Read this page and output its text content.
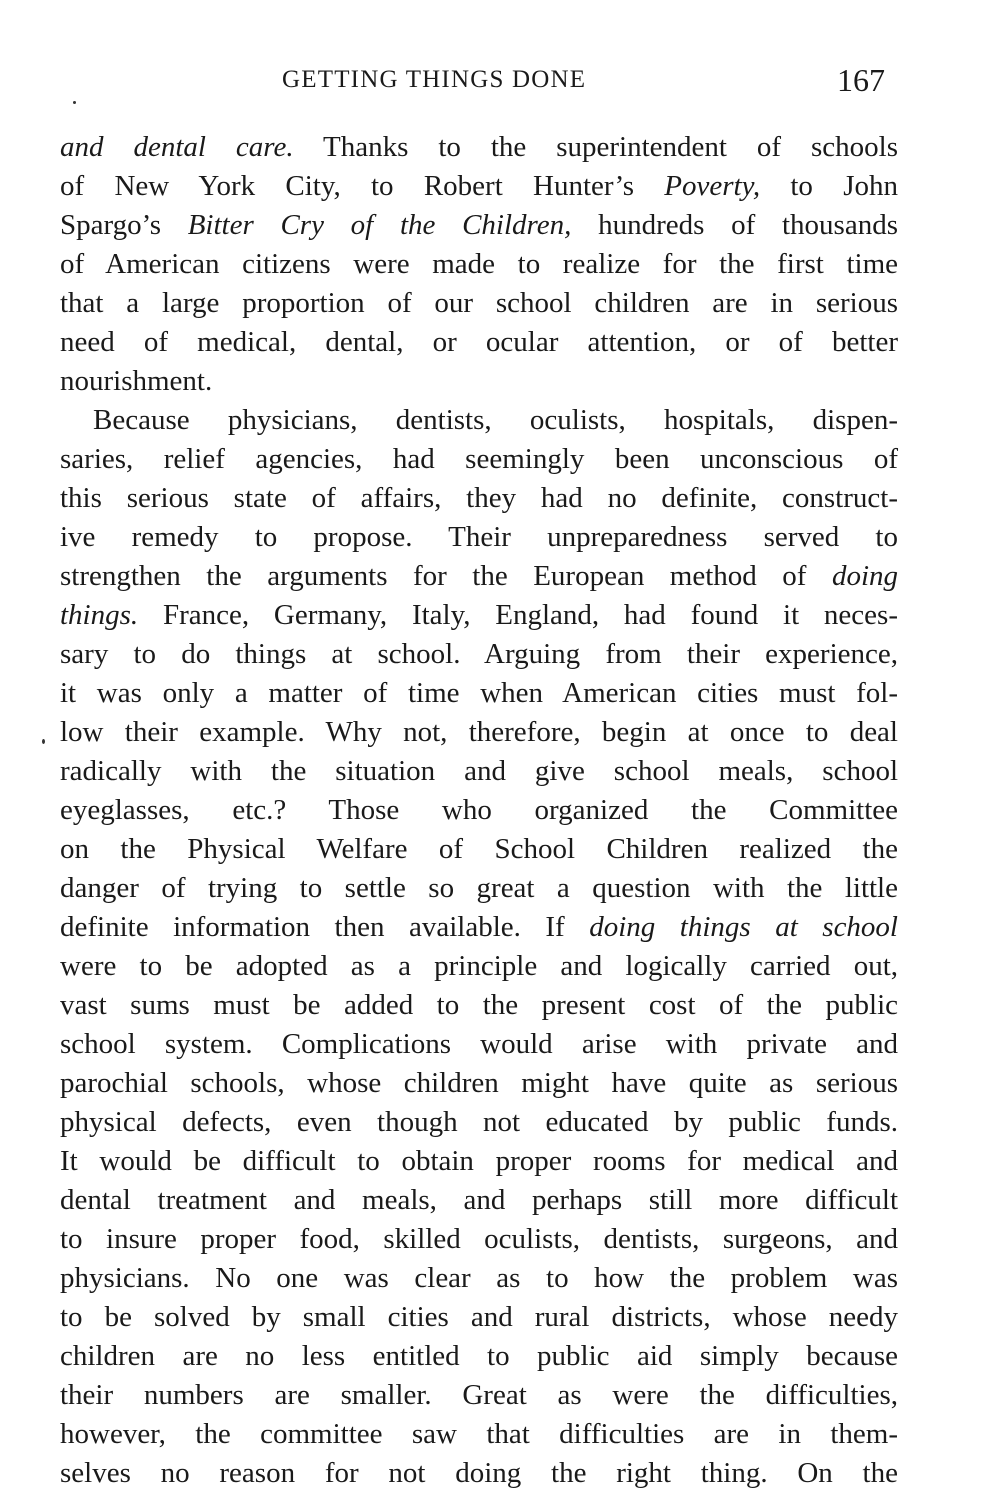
GETTING THINGS DONE	167
and dental care. Thanks to the superintendent of schools
of New York City, to Robert Hunter’s Poverty, to John
Spargo’s Bitter Cry of the Children, hundreds of thousands
of American citizens were made to realize for the first time
that a large proportion of our school children are in serious
need of medical, dental, or ocular attention, or of better
nourishment.
Because physicians, dentists, oculists, hospitals, dispen-
saries, relief agencies, had seemingly been unconscious of
this serious state of affairs, they had no definite, construct-
ive remedy to propose. Their unpreparedness served to
strengthen the arguments for the European method of doing
things. France, Germany, Italy, England, had found it neces-
sary to do things at school. Arguing from their experience,
it was only a matter of time when American cities must fol-
low their example. Why not, therefore, begin at once to deal
radically with the situation and give school meals, school
eyeglasses, etc.? Those who organized the Committee
on the Physical Welfare of School Children realized the
danger of trying to settle so great a question with the little
definite information then available. If doing things at school
were to be adopted as a principle and logically carried out,
vast sums must be added to the present cost of the public
school system. Complications would arise with private and
parochial schools, whose children might have quite as serious
physical defects, even though not educated by public funds.
It would be difficult to obtain proper rooms for medical and
dental treatment and meals, and perhaps still more difficult
to insure proper food, skilled oculists, dentists, surgeons, and
physicians. No one was clear as to how the problem was
to be solved by small cities and rural districts, whose needy
children are no less entitled to public aid simply because
their numbers are smaller. Great as were the difficulties,
however, the committee saw that difficulties are in them-
selves no reason for not doing the right thing. On the
